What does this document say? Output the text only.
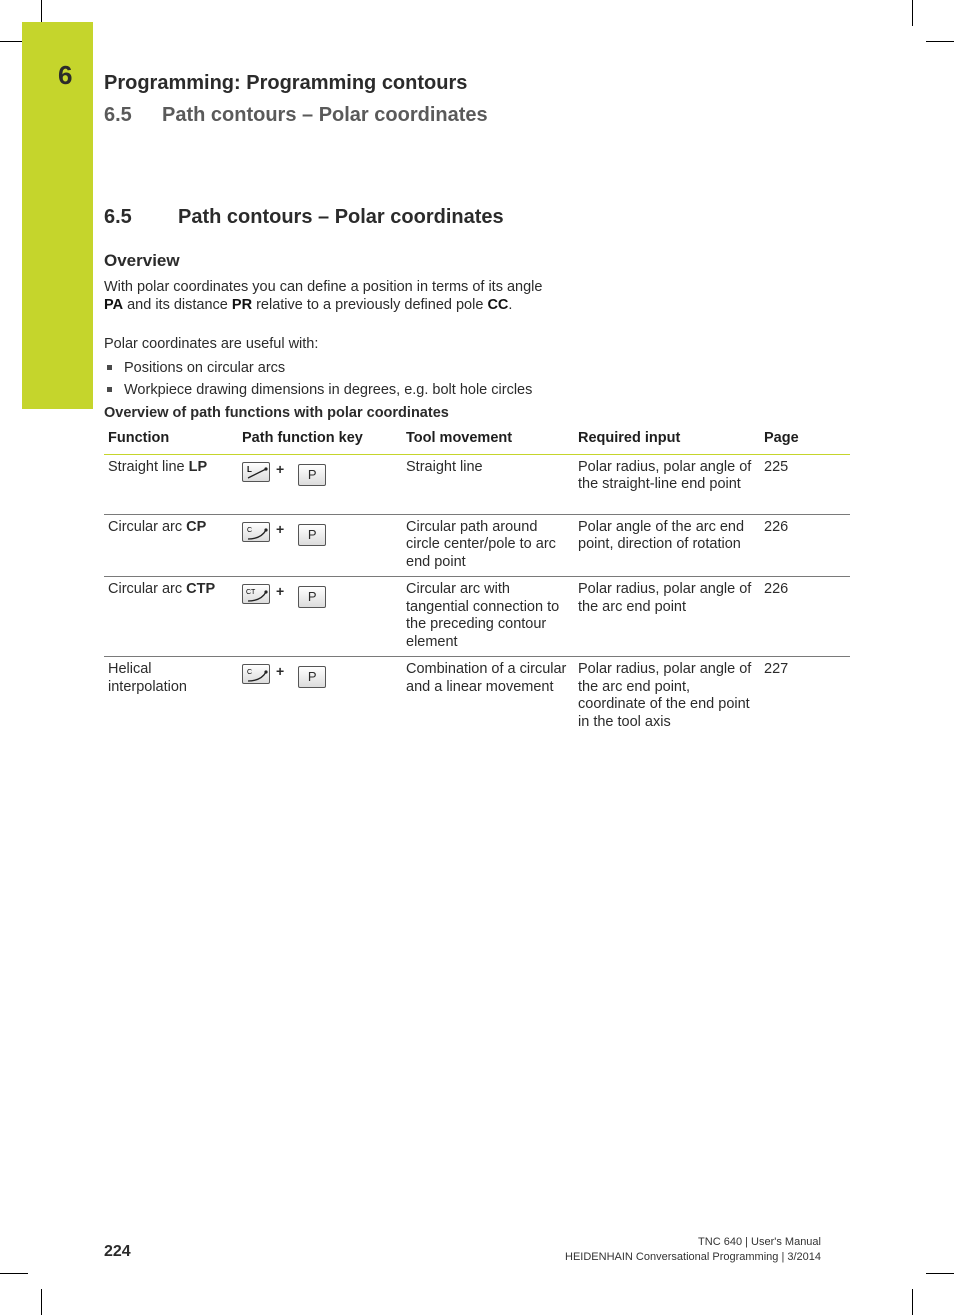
6 Programming: Programming contours
6.5 Path contours – Polar coordinates
6.5 Path contours – Polar coordinates
Overview
With polar coordinates you can define a position in terms of its angle PA and its distance PR relative to a previously defined pole CC.
Polar coordinates are useful with:
Positions on circular arcs
Workpiece drawing dimensions in degrees, e.g. bolt hole circles
Overview of path functions with polar coordinates
Function	Path function key	Tool movement	Required input	Page
Straight line LP	L + P	Straight line	Polar radius, polar angle of the straight-line end point	225
Circular arc CP	C + P	Circular path around circle center/pole to arc end point	Polar angle of the arc end point, direction of rotation	226
Circular arc CTP	CT + P	Circular arc with tangential connection to the preceding contour element	Polar radius, polar angle of the arc end point	226
Helical interpolation	C + P	Combination of a circular and a linear movement	Polar radius, polar angle of the arc end point, coordinate of the end point in the tool axis	227
224
TNC 640 | User's Manual
HEIDENHAIN Conversational Programming | 3/2014
